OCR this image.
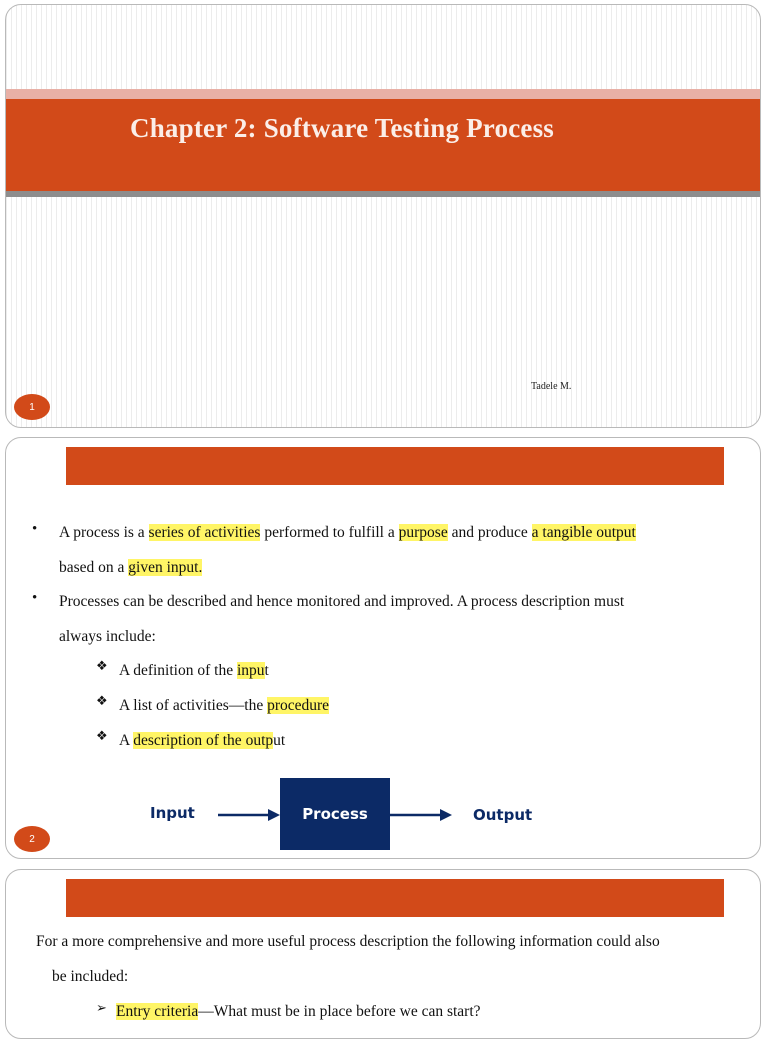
Chapter 2: Software Testing Process
Tadele M.
1
• A process is a series of activities performed to fulfill a purpose and produce a tangible output
based on a given input.
• Processes can be described and hence monitored and improved. A process description must
always include:
❖ A definition of the input
❖ A list of activities—the procedure
❖ A description of the output
Input	Process	Output
2
For a more comprehensive and more useful process description the following information could also
be included:
➢ Entry criteria—What must be in place before we can start?
